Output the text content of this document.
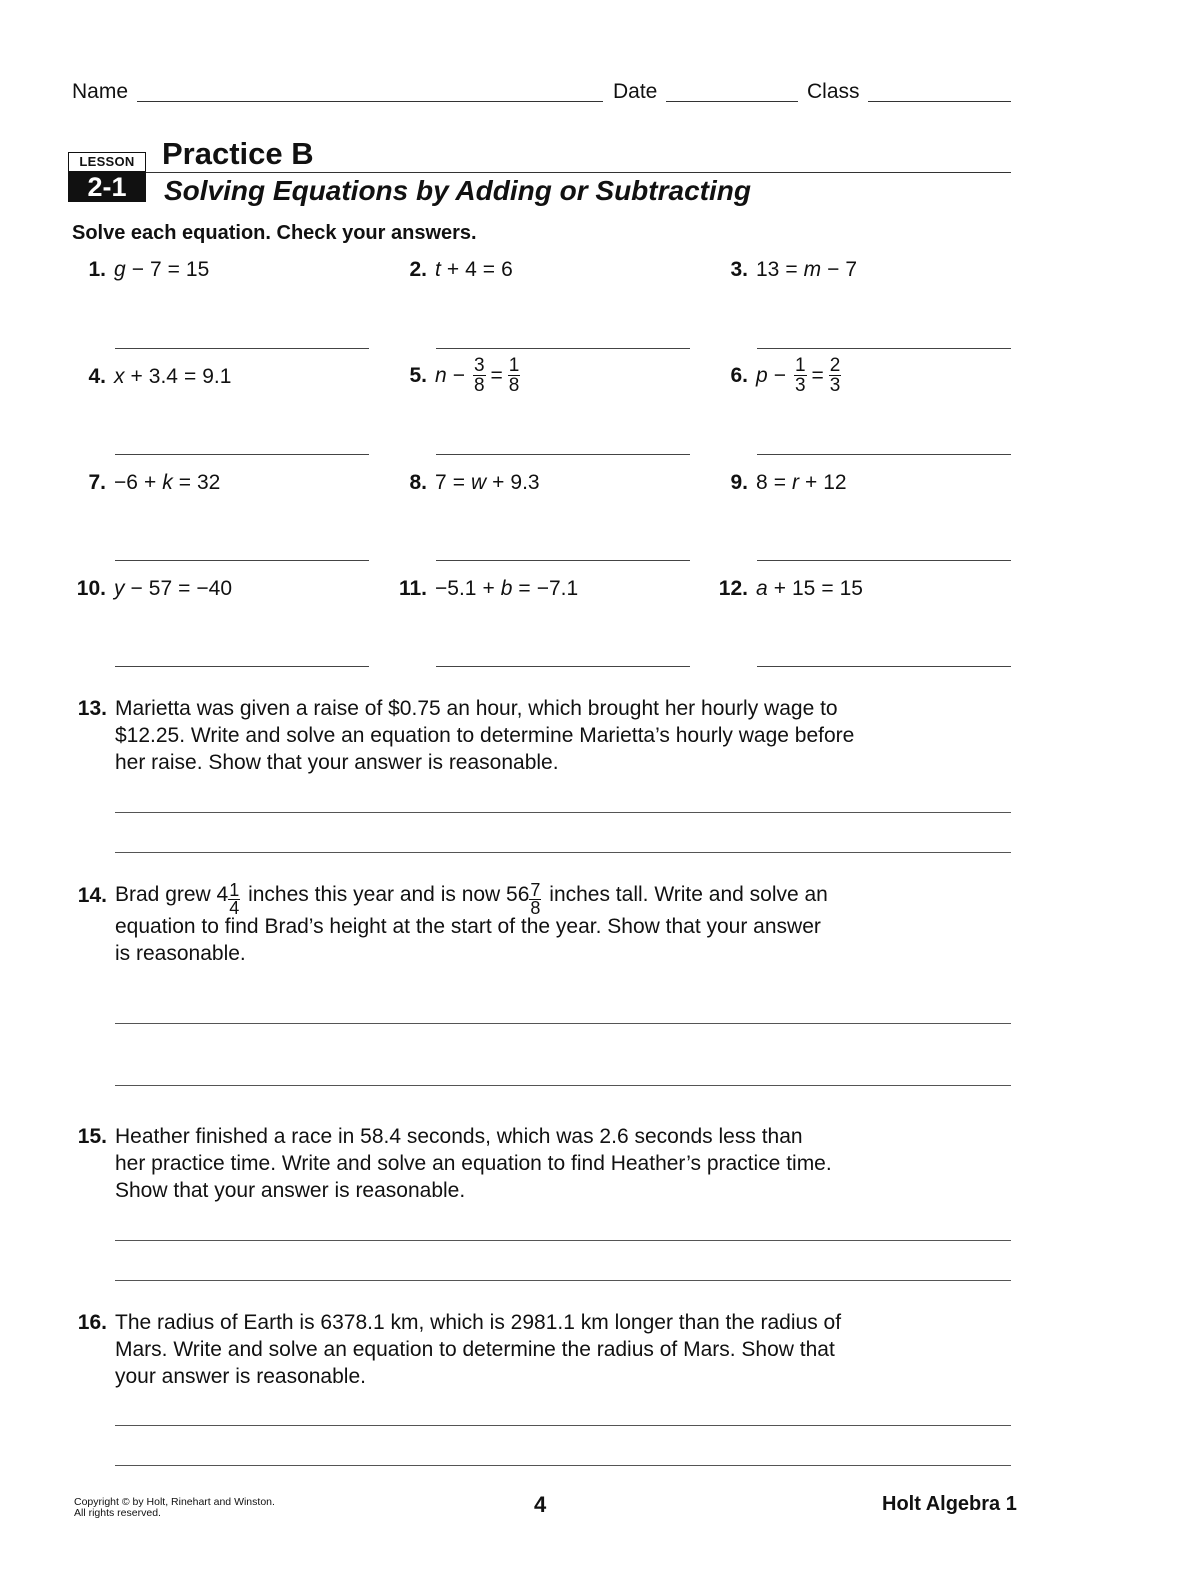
Name	Date	Class
LESSON
2-1
Practice B
Solving Equations by Adding or Subtracting
Solve each equation. Check your answers.
1. g − 7 = 15	2. t + 4 = 6	3. 13 = m − 7
4. x + 3.4 = 9.1	5. $n - \frac{3}{8} = \frac{1}{8}$	6. $p - \frac{1}{3} = \frac{2}{3}$
7. −6 + k = 32	8. 7 = w + 9.3	9. 8 = r + 12
10. y − 57 = −40	11. −5.1 + b = −7.1	12. a + 15 = 15
13. Marietta was given a raise of $0.75 an hour, which brought her hourly wage to
$12.25. Write and solve an equation to determine Marietta’s hourly wage before
her raise. Show that your answer is reasonable.
14. Brad grew $4 \frac{1}{4}$ inches this year and is now $56 \frac{7}{8}$ inches tall. Write and solve an
equation to find Brad’s height at the start of the year. Show that your answer
is reasonable.
15. Heather finished a race in 58.4 seconds, which was 2.6 seconds less than
her practice time. Write and solve an equation to find Heather’s practice time.
Show that your answer is reasonable.
16. The radius of Earth is 6378.1 km, which is 2981.1 km longer than the radius of
Mars. Write and solve an equation to determine the radius of Mars. Show that
your answer is reasonable.
Copyright © by Holt, Rinehart and Winston.
All rights reserved.	4	Holt Algebra 1
